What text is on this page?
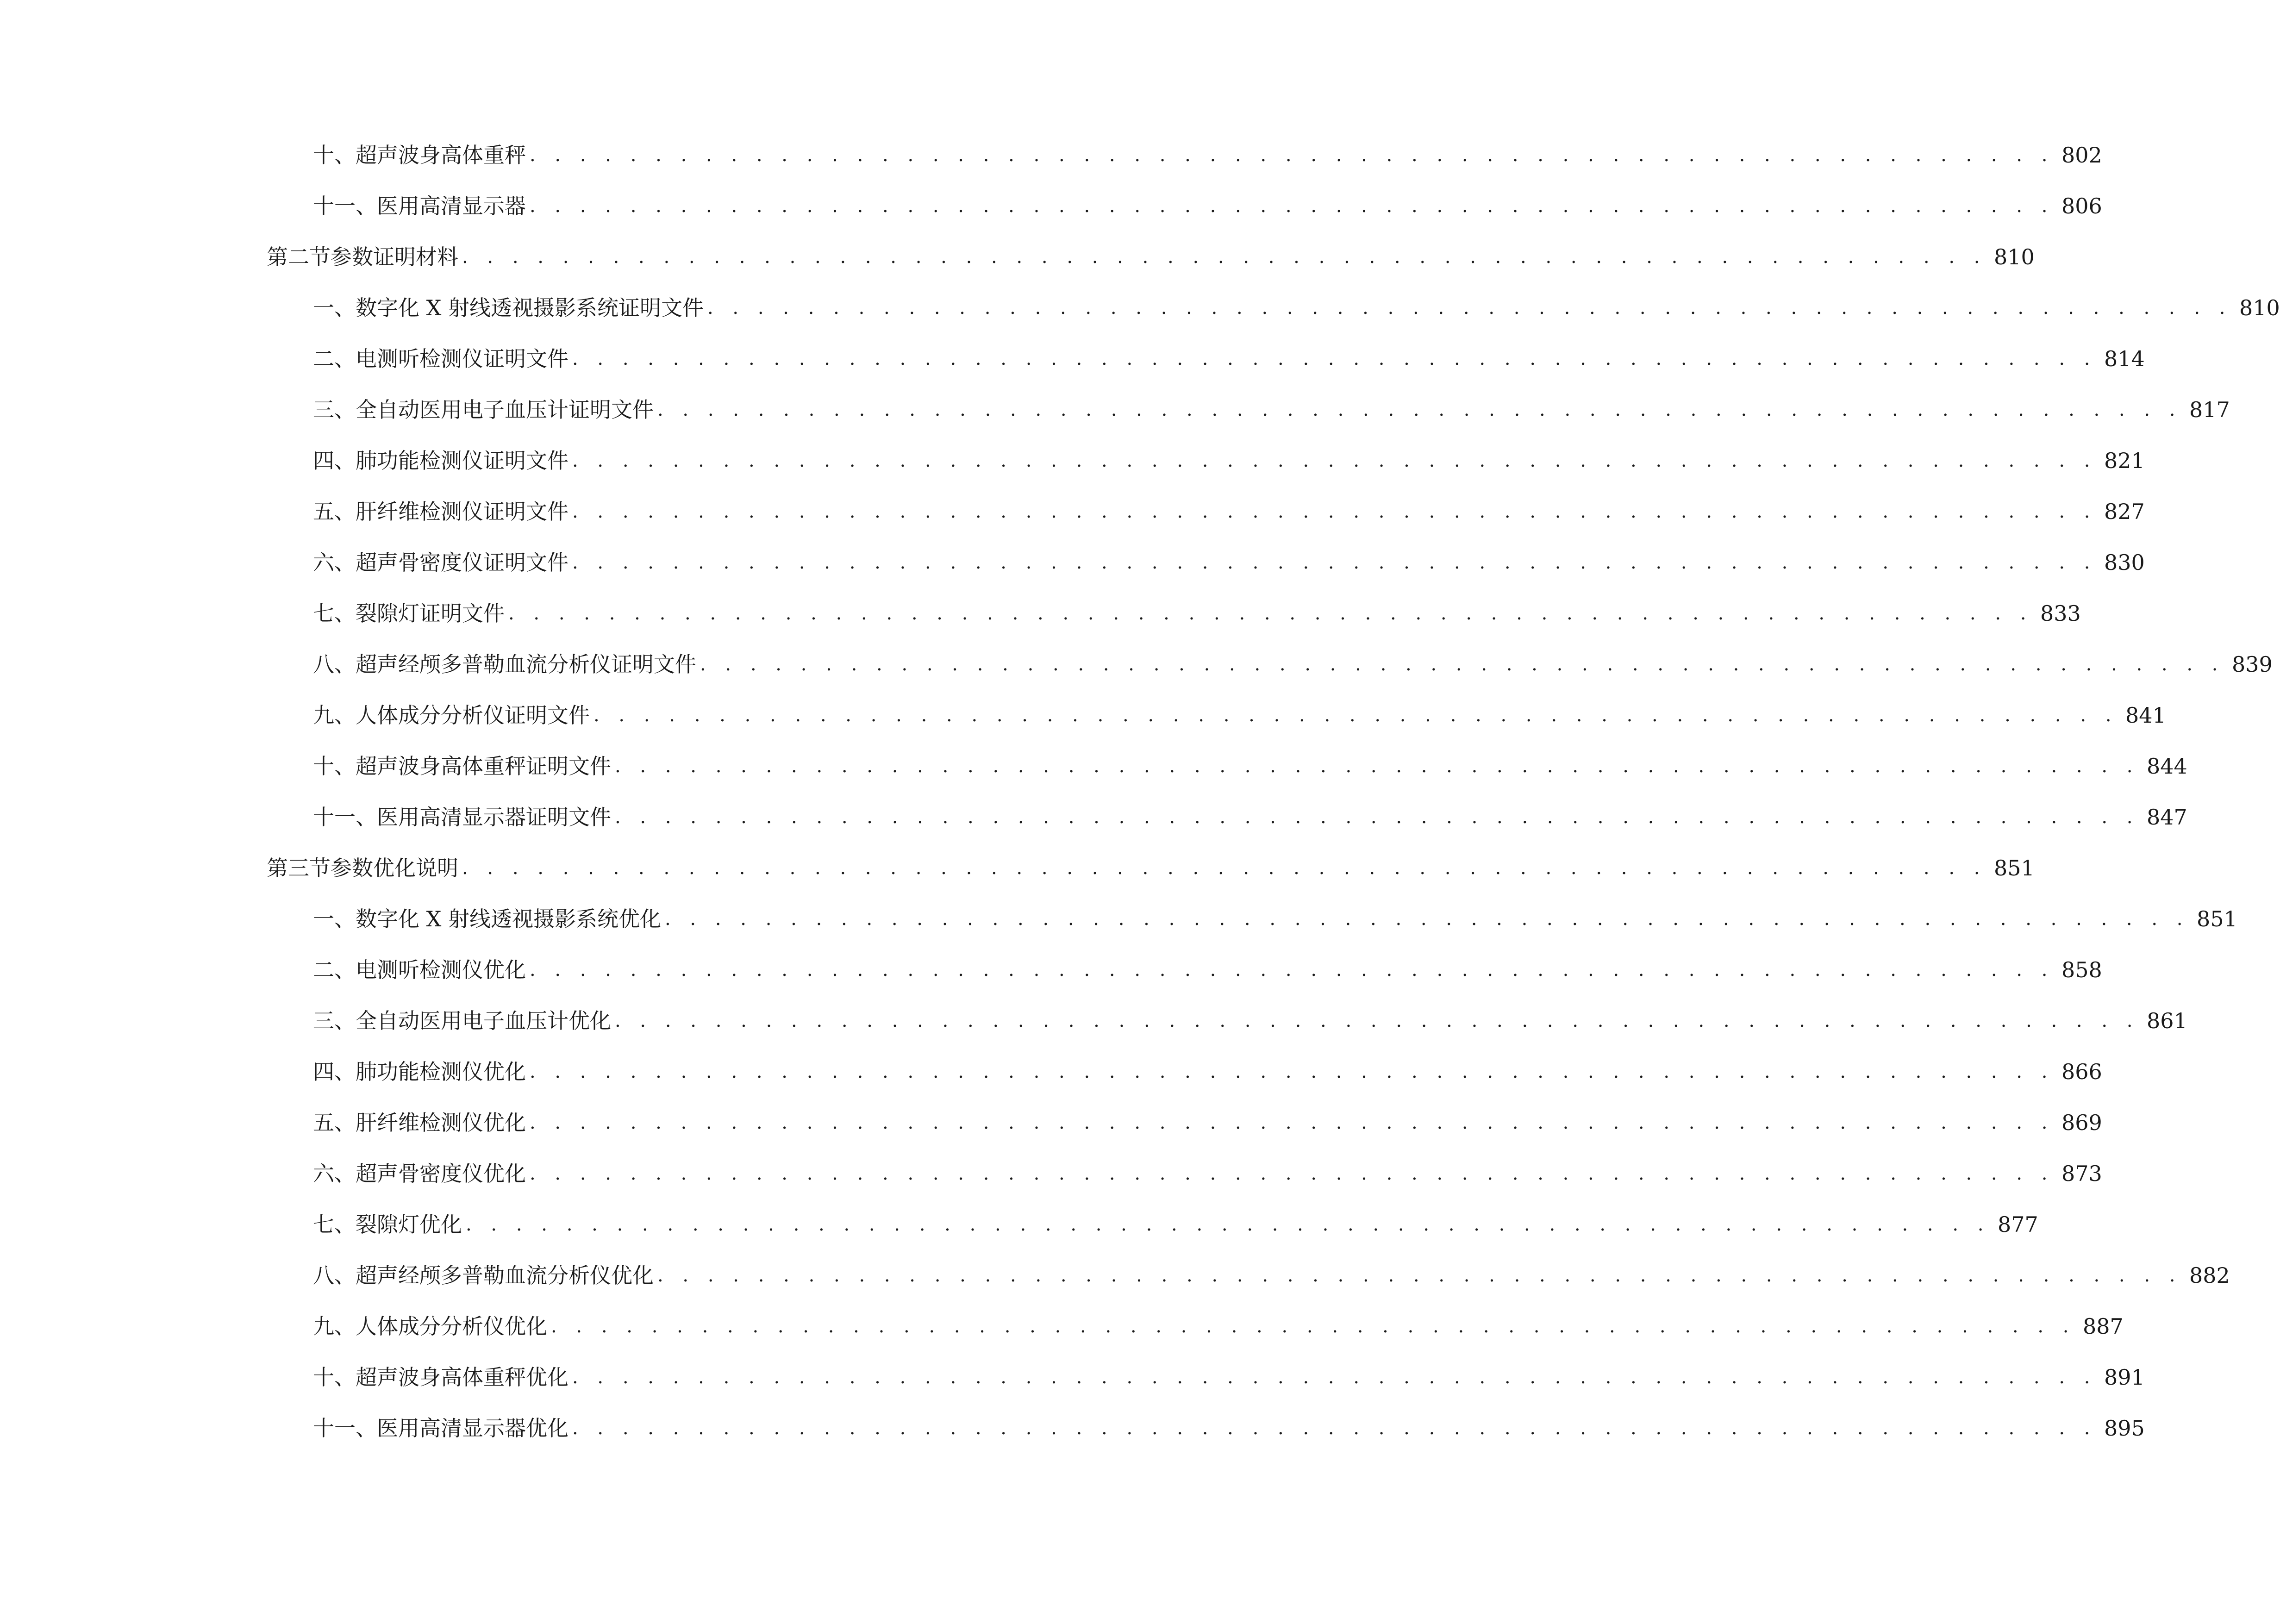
十、 超声波身高体重秤 . . . . . . . . . . . . . . . . . . . . . . . . . . . . . . . . . . . . . . . . . . . . . . . . . . . . . . . . . . . . . 802
十一、 医用高清显示器 . . . . . . . . . . . . . . . . . . . . . . . . . . . . . . . . . . . . . . . . . . . . . . . . . . . . . . . . . . . . . 806
第二节 参数证明材料 . . . . . . . . . . . . . . . . . . . . . . . . . . . . . . . . . . . . . . . . . . . . . . . . . . . . . . . . . . . . . 810
一、 数字化 X 射线透视摄影系统证明文件 . . . . . . . . . . . . . . . . . . . . . . . . . . . . . . . . . . . . . . . . . . . . . . . . . . . . . . . . . . . . . 810
二、 电测听检测仪证明文件 . . . . . . . . . . . . . . . . . . . . . . . . . . . . . . . . . . . . . . . . . . . . . . . . . . . . . . . . . . . . . 814
三、 全自动医用电子血压计证明文件 . . . . . . . . . . . . . . . . . . . . . . . . . . . . . . . . . . . . . . . . . . . . . . . . . . . . . . . . . . . . . 817
四、 肺功能检测仪证明文件 . . . . . . . . . . . . . . . . . . . . . . . . . . . . . . . . . . . . . . . . . . . . . . . . . . . . . . . . . . . . . 821
五、 肝纤维检测仪证明文件 . . . . . . . . . . . . . . . . . . . . . . . . . . . . . . . . . . . . . . . . . . . . . . . . . . . . . . . . . . . . . 827
六、 超声骨密度仪证明文件 . . . . . . . . . . . . . . . . . . . . . . . . . . . . . . . . . . . . . . . . . . . . . . . . . . . . . . . . . . . . . 830
七、 裂隙灯证明文件 . . . . . . . . . . . . . . . . . . . . . . . . . . . . . . . . . . . . . . . . . . . . . . . . . . . . . . . . . . . . . 833
八、 超声经颅多普勒血流分析仪证明文件 . . . . . . . . . . . . . . . . . . . . . . . . . . . . . . . . . . . . . . . . . . . . . . . . . . . . . . . . . . . . . 839
九、 人体成分分析仪证明文件 . . . . . . . . . . . . . . . . . . . . . . . . . . . . . . . . . . . . . . . . . . . . . . . . . . . . . . . . . . . . . 841
十、 超声波身高体重秤证明文件 . . . . . . . . . . . . . . . . . . . . . . . . . . . . . . . . . . . . . . . . . . . . . . . . . . . . . . . . . . . . . 844
十一、 医用高清显示器证明文件 . . . . . . . . . . . . . . . . . . . . . . . . . . . . . . . . . . . . . . . . . . . . . . . . . . . . . . . . . . . . . 847
第三节 参数优化说明 . . . . . . . . . . . . . . . . . . . . . . . . . . . . . . . . . . . . . . . . . . . . . . . . . . . . . . . . . . . . . 851
一、 数字化 X 射线透视摄影系统优化 . . . . . . . . . . . . . . . . . . . . . . . . . . . . . . . . . . . . . . . . . . . . . . . . . . . . . . . . . . . . . 851
二、 电测听检测仪优化 . . . . . . . . . . . . . . . . . . . . . . . . . . . . . . . . . . . . . . . . . . . . . . . . . . . . . . . . . . . . . 858
三、 全自动医用电子血压计优化 . . . . . . . . . . . . . . . . . . . . . . . . . . . . . . . . . . . . . . . . . . . . . . . . . . . . . . . . . . . . . 861
四、 肺功能检测仪优化 . . . . . . . . . . . . . . . . . . . . . . . . . . . . . . . . . . . . . . . . . . . . . . . . . . . . . . . . . . . . . 866
五、 肝纤维检测仪优化 . . . . . . . . . . . . . . . . . . . . . . . . . . . . . . . . . . . . . . . . . . . . . . . . . . . . . . . . . . . . . 869
六、 超声骨密度仪优化 . . . . . . . . . . . . . . . . . . . . . . . . . . . . . . . . . . . . . . . . . . . . . . . . . . . . . . . . . . . . . 873
七、 裂隙灯优化 . . . . . . . . . . . . . . . . . . . . . . . . . . . . . . . . . . . . . . . . . . . . . . . . . . . . . . . . . . . . . 877
八、 超声经颅多普勒血流分析仪优化 . . . . . . . . . . . . . . . . . . . . . . . . . . . . . . . . . . . . . . . . . . . . . . . . . . . . . . . . . . . . . 882
九、 人体成分分析仪优化 . . . . . . . . . . . . . . . . . . . . . . . . . . . . . . . . . . . . . . . . . . . . . . . . . . . . . . . . . . . . . 887
十、 超声波身高体重秤优化 . . . . . . . . . . . . . . . . . . . . . . . . . . . . . . . . . . . . . . . . . . . . . . . . . . . . . . . . . . . . . 891
十一、 医用高清显示器优化 . . . . . . . . . . . . . . . . . . . . . . . . . . . . . . . . . . . . . . . . . . . . . . . . . . . . . . . . . . . . . 895
